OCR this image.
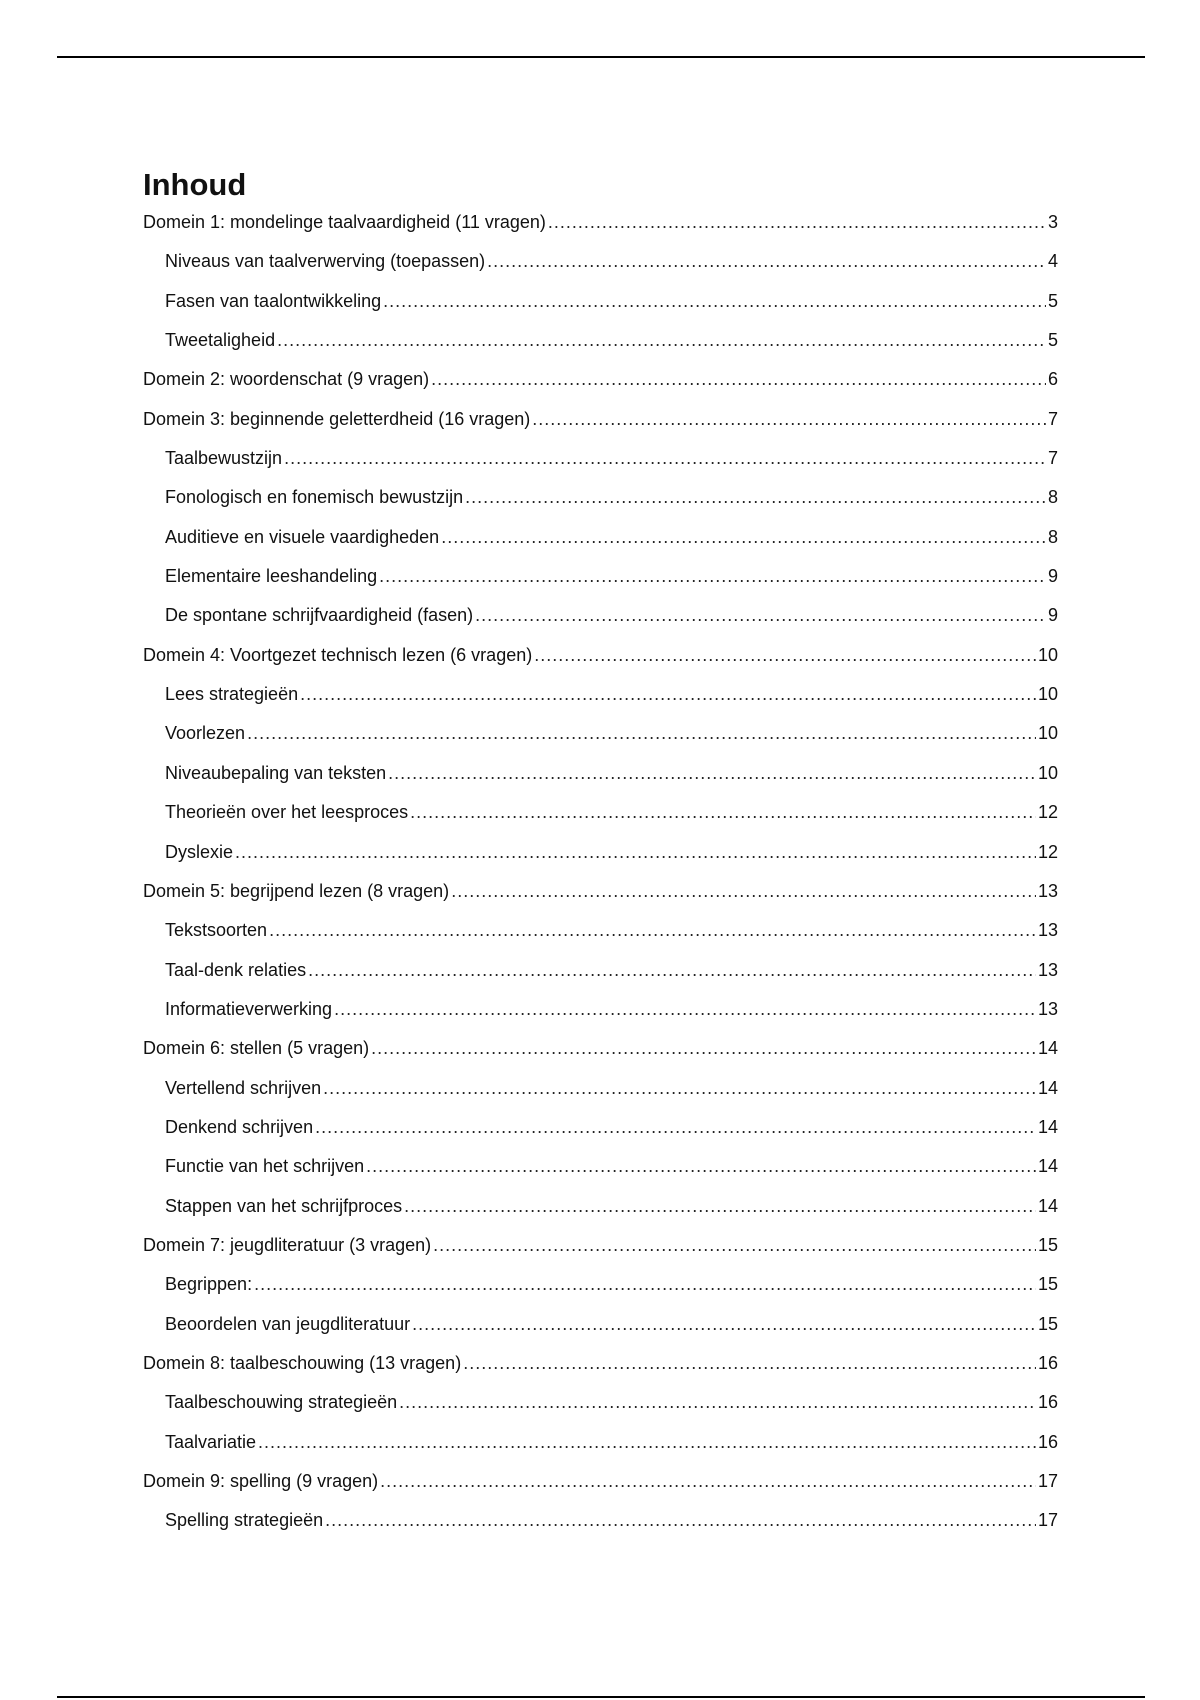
Inhoud
Domein 1: mondelinge taalvaardigheid (11 vragen) .....	3
Niveaus van taalverwerving (toepassen) .....	4
Fasen van taalontwikkeling .....	5
Tweetaligheid .....	5
Domein 2: woordenschat (9 vragen) .....	6
Domein 3: beginnende geletterdheid (16 vragen) .....	7
Taalbewustzijn .....	7
Fonologisch en fonemisch bewustzijn .....	8
Auditieve en visuele vaardigheden .....	8
Elementaire leeshandeling .....	9
De spontane schrijfvaardigheid (fasen) .....	9
Domein 4: Voortgezet technisch lezen (6 vragen) .....	10
Lees strategieën .....	10
Voorlezen .....	10
Niveaubepaling van teksten .....	10
Theorieën over het leesproces .....	12
Dyslexie .....	12
Domein 5: begrijpend lezen (8 vragen) .....	13
Tekstsoorten .....	13
Taal-denk relaties .....	13
Informatieverwerking .....	13
Domein 6: stellen (5 vragen) .....	14
Vertellend schrijven .....	14
Denkend schrijven .....	14
Functie van het schrijven .....	14
Stappen van het schrijfproces .....	14
Domein 7: jeugdliteratuur (3 vragen) .....	15
Begrippen: .....	15
Beoordelen van jeugdliteratuur .....	15
Domein 8: taalbeschouwing (13 vragen) .....	16
Taalbeschouwing strategieën .....	16
Taalvariatie .....	16
Domein 9: spelling (9 vragen) .....	17
Spelling strategieën .....	17
